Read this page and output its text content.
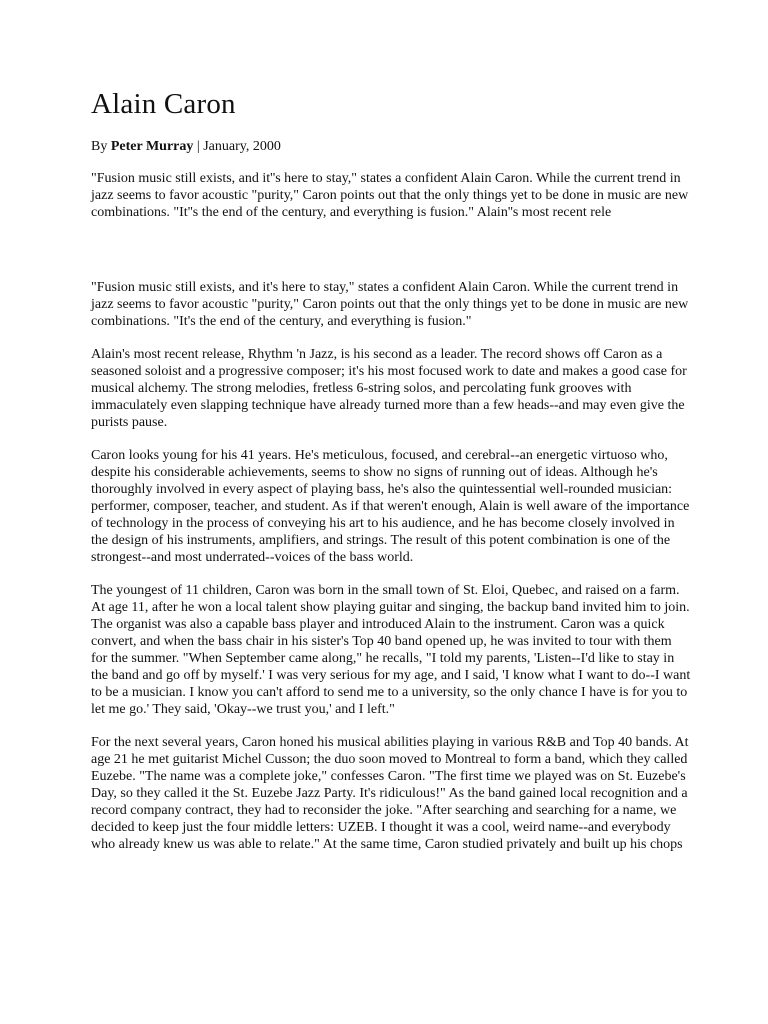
Alain Caron
By Peter Murray | January, 2000

"Fusion music still exists, and it''s here to stay," states a confident Alain Caron. While the current trend in jazz seems to favor acoustic "purity," Caron points out that the only things yet to be done in music are new combinations. "It''s the end of the century, and everything is fusion." Alain''s most recent rele

"Fusion music still exists, and it's here to stay," states a confident Alain Caron. While the current trend in jazz seems to favor acoustic "purity," Caron points out that the only things yet to be done in music are new combinations. "It's the end of the century, and everything is fusion."

Alain's most recent release, Rhythm 'n Jazz, is his second as a leader. The record shows off Caron as a seasoned soloist and a progressive composer; it's his most focused work to date and makes a good case for musical alchemy. The strong melodies, fretless 6-string solos, and percolating funk grooves with immaculately even slapping technique have already turned more than a few heads--and may even give the purists pause.

Caron looks young for his 41 years. He's meticulous, focused, and cerebral--an energetic virtuoso who, despite his considerable achievements, seems to show no signs of running out of ideas. Although he's thoroughly involved in every aspect of playing bass, he's also the quintessential well-rounded musician: performer, composer, teacher, and student. As if that weren't enough, Alain is well aware of the importance of technology in the process of conveying his art to his audience, and he has become closely involved in the design of his instruments, amplifiers, and strings. The result of this potent combination is one of the strongest--and most underrated--voices of the bass world.

The youngest of 11 children, Caron was born in the small town of St. Eloi, Quebec, and raised on a farm. At age 11, after he won a local talent show playing guitar and singing, the backup band invited him to join. The organist was also a capable bass player and introduced Alain to the instrument. Caron was a quick convert, and when the bass chair in his sister's Top 40 band opened up, he was invited to tour with them for the summer. "When September came along," he recalls, "I told my parents, 'Listen--I'd like to stay in the band and go off by myself.' I was very serious for my age, and I said, 'I know what I want to do--I want to be a musician. I know you can't afford to send me to a university, so the only chance I have is for you to let me go.' They said, 'Okay--we trust you,' and I left."

For the next several years, Caron honed his musical abilities playing in various R&B and Top 40 bands. At age 21 he met guitarist Michel Cusson; the duo soon moved to Montreal to form a band, which they called Euzebe. "The name was a complete joke," confesses Caron. "The first time we played was on St. Euzebe's Day, so they called it the St. Euzebe Jazz Party. It's ridiculous!" As the band gained local recognition and a record company contract, they had to reconsider the joke. "After searching and searching for a name, we decided to keep just the four middle letters: UZEB. I thought it was a cool, weird name--and everybody who already knew us was able to relate." At the same time, Caron studied privately and built up his chops
